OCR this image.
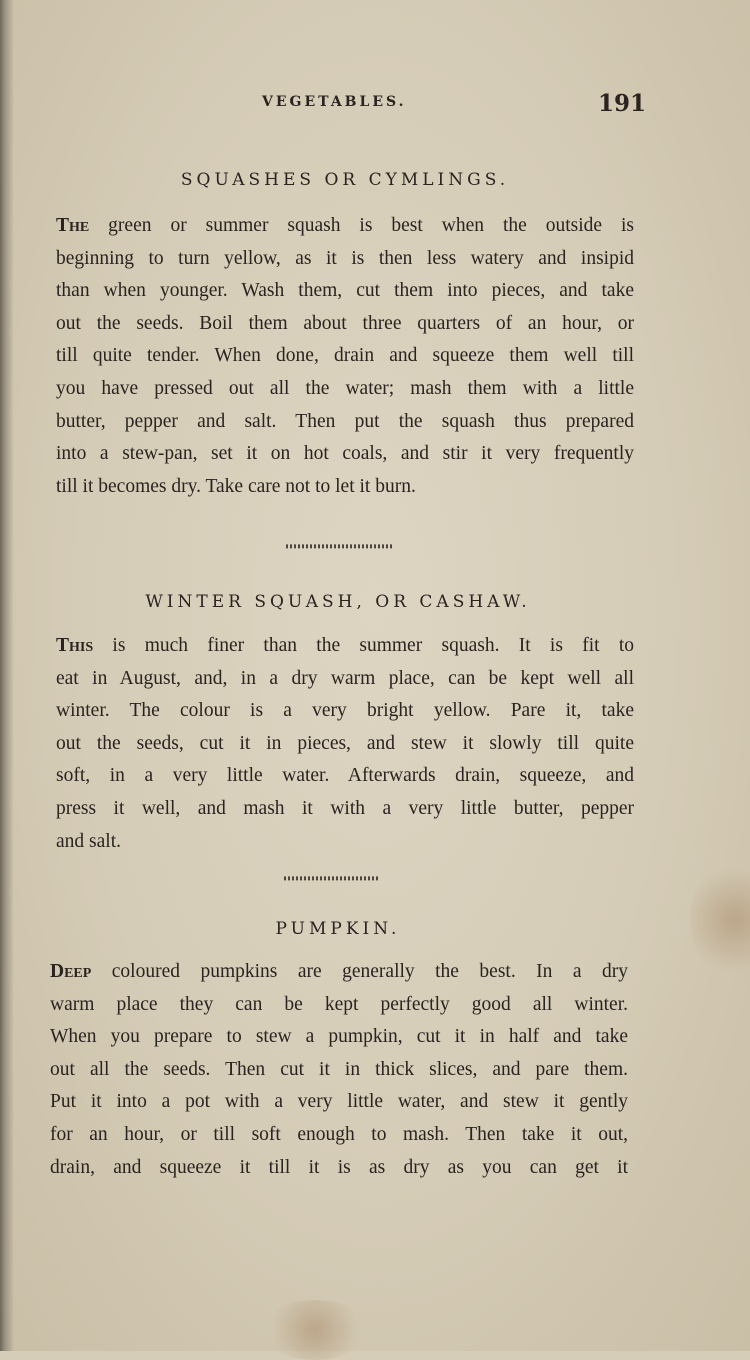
VEGETABLES.	191
SQUASHES OR CYMLINGS.
The green or summer squash is best when the outside is
beginning to turn yellow, as it is then less watery and insipid
than when younger. Wash them, cut them into pieces, and take
out the seeds. Boil them about three quarters of an hour, or
till quite tender. When done, drain and squeeze them well till
you have pressed out all the water; mash them with a little
butter, pepper and salt. Then put the squash thus prepared
into a stew-pan, set it on hot coals, and stir it very frequently
till it becomes dry. Take care not to let it burn.
WINTER SQUASH, OR CASHAW.
This is much finer than the summer squash. It is fit to
eat in August, and, in a dry warm place, can be kept well all
winter. The colour is a very bright yellow. Pare it, take
out the seeds, cut it in pieces, and stew it slowly till quite
soft, in a very little water. Afterwards drain, squeeze, and
press it well, and mash it with a very little butter, pepper
and salt.
PUMPKIN.
Deep coloured pumpkins are generally the best. In a dry
warm place they can be kept perfectly good all winter.
When you prepare to stew a pumpkin, cut it in half and take
out all the seeds. Then cut it in thick slices, and pare them.
Put it into a pot with a very little water, and stew it gently
for an hour, or till soft enough to mash. Then take it out,
drain, and squeeze it till it is as dry as you can get it
